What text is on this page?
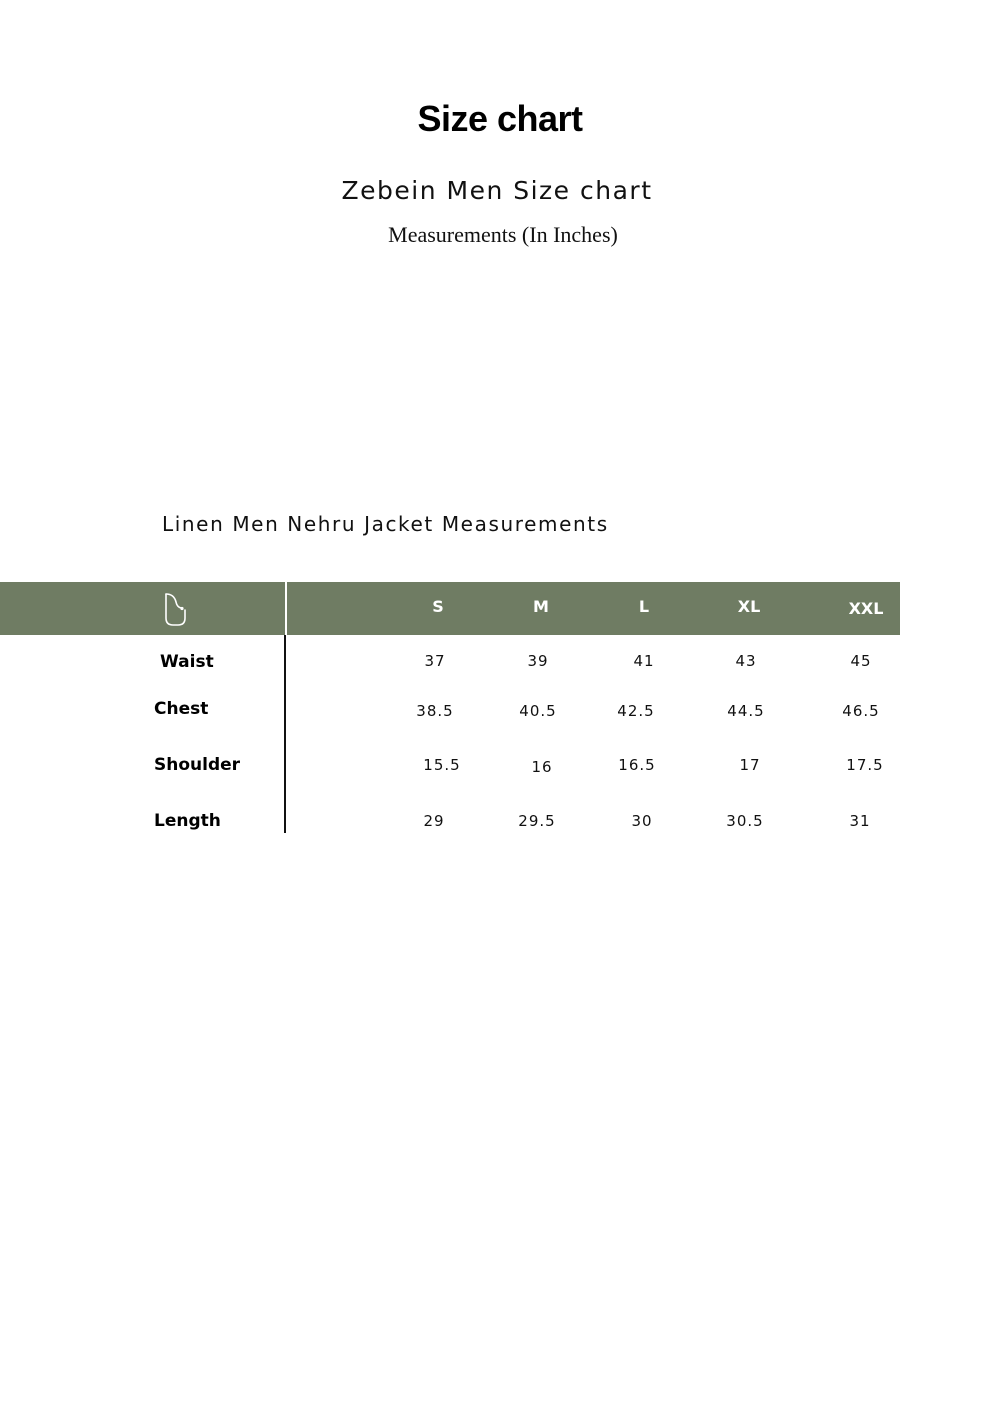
Size chart
Zebein Men Size chart
Measurements (In Inches)
Linen Men Nehru Jacket Measurements
S	M	L	XL	XXL
Waist	37	39	41	43	45
Chest	38.5	40.5	42.5	44.5	46.5
Shoulder	15.5	16	16.5	17	17.5
Length	29	29.5	30	30.5	31
